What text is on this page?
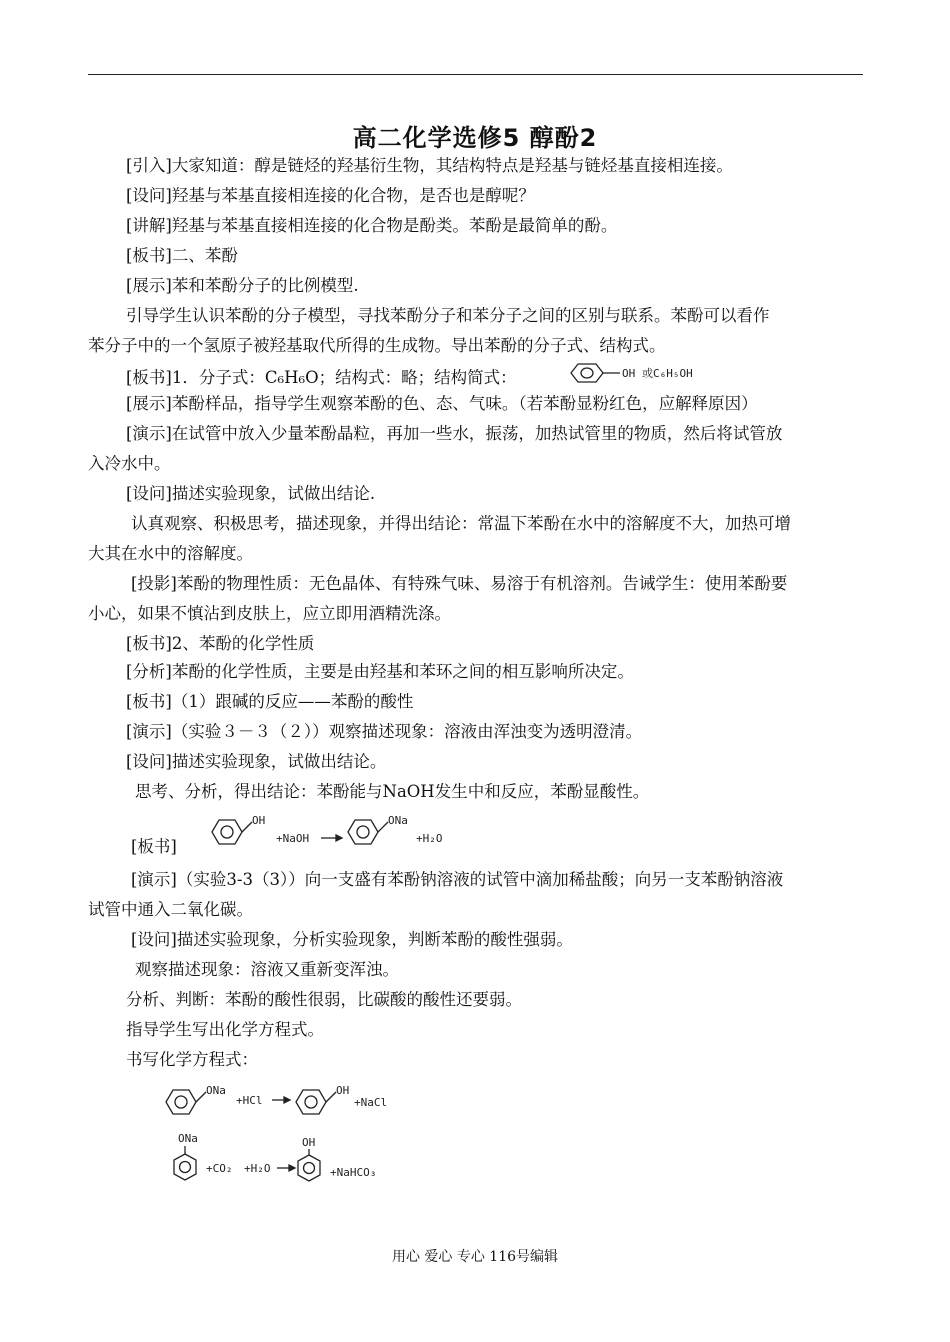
高二化学选修5 醇酚2
[引入]大家知道：醇是链烃的羟基衍生物，其结构特点是羟基与链烃基直接相连接。
[设问]羟基与苯基直接相连接的化合物，是否也是醇呢？
[讲解]羟基与苯基直接相连接的化合物是酚类。苯酚是最简单的酚。
[板书]二、苯酚
[展示]苯和苯酚分子的比例模型.
引导学生认识苯酚的分子模型，寻找苯酚分子和苯分子之间的区别与联系。苯酚可以看作
苯分子中的一个氢原子被羟基取代所得的生成物。导出苯酚的分子式、结构式。
[板书]1．分子式：C₆H₆O；结构式：略；结构简式：	OH 或C₆H₅OH
[展示]苯酚样品，指导学生观察苯酚的色、态、气味。（若苯酚显粉红色，应解释原因）
[演示]在试管中放入少量苯酚晶粒，再加一些水，振荡，加热试管里的物质，然后将试管放
入冷水中。
[设问]描述实验现象，试做出结论.
认真观察、积极思考，描述现象，并得出结论：常温下苯酚在水中的溶解度不大，加热可增
大其在水中的溶解度。
[投影]苯酚的物理性质：无色晶体、有特殊气味、易溶于有机溶剂。告诫学生：使用苯酚要
小心，如果不慎沾到皮肤上，应立即用酒精洗涤。
[板书]2、苯酚的化学性质
[分析]苯酚的化学性质，主要是由羟基和苯环之间的相互影响所决定。
[板书]（1）跟碱的反应——苯酚的酸性
[演示]（实验３－３（２））观察描述现象：溶液由浑浊变为透明澄清。
[设问]描述实验现象，试做出结论。
思考、分析，得出结论：苯酚能与NaOH发生中和反应，苯酚显酸性。
OH
+NaOH
ONa
+H₂O
[板书]
[演示]（实验3-3（3））向一支盛有苯酚钠溶液的试管中滴加稀盐酸；向另一支苯酚钠溶液
试管中通入二氧化碳。
[设问]描述实验现象，分析实验现象，判断苯酚的酸性强弱。
观察描述现象：溶液又重新变浑浊。
分析、判断：苯酚的酸性很弱，比碳酸的酸性还要弱。
指导学生写出化学方程式。
书写化学方程式：
ONa
+HCl
OH
+NaCl
ONa
+CO₂ +H₂O
OH
+NaHCO₃
用心 爱心 专心 116号编辑
